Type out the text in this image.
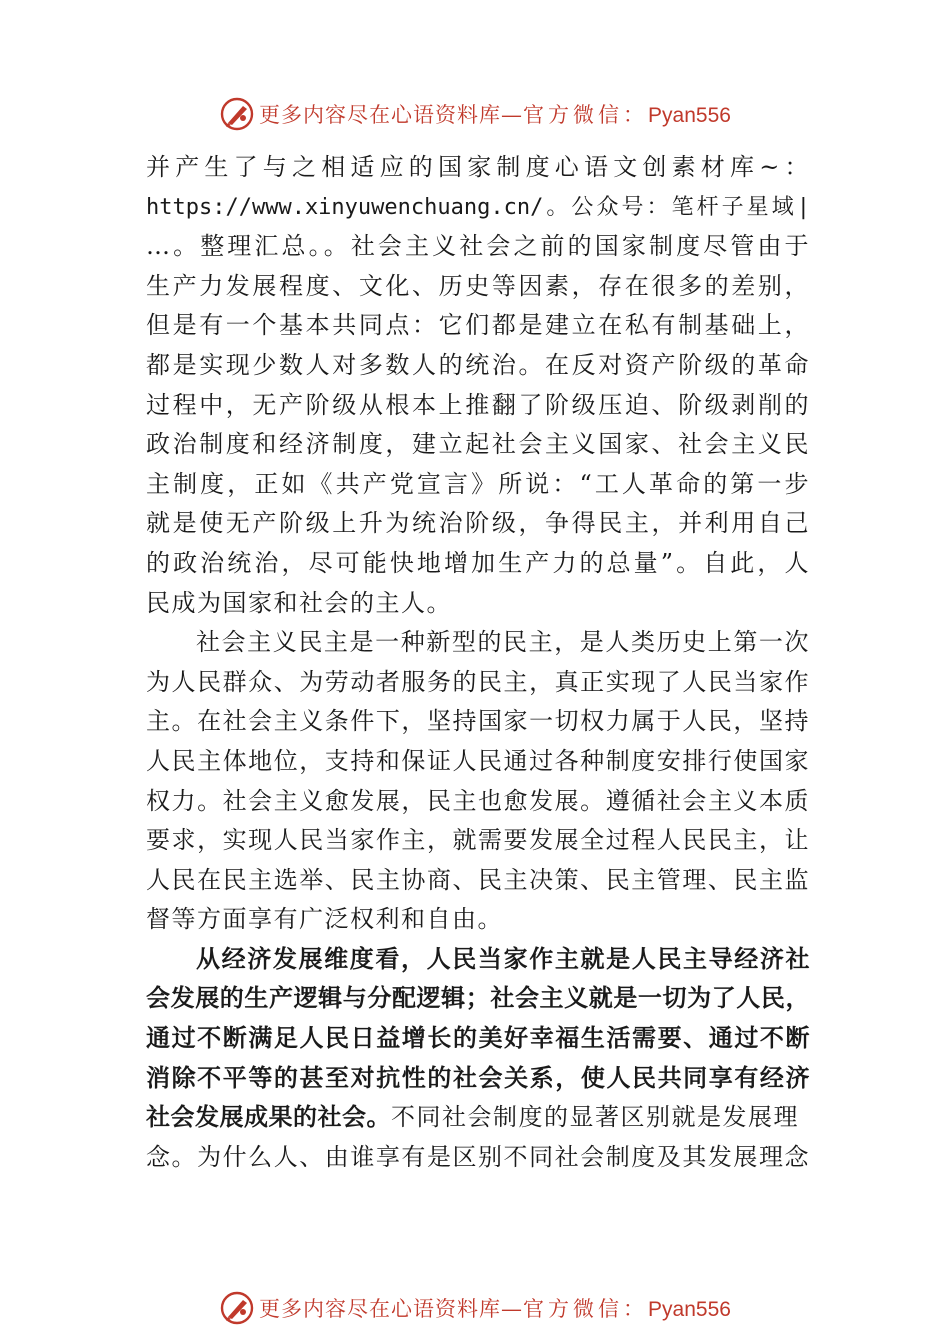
更多内容尽在心语资料库—官方微信：Pyan556
并产生了与之相适应的国家制度心语文创素材库~：
https://www.xinyuwenchuang.cn/。公众号：笔杆子星域|
…。整理汇总。。社会主义社会之前的国家制度尽管由于
生产力发展程度、文化、历史等因素，存在很多的差别，
但是有一个基本共同点：它们都是建立在私有制基础上，
都是实现少数人对多数人的统治。在反对资产阶级的革命
过程中，无产阶级从根本上推翻了阶级压迫、阶级剥削的
政治制度和经济制度，建立起社会主义国家、社会主义民
主制度，正如《共产党宣言》所说：“工人革命的第一步
就是使无产阶级上升为统治阶级，争得民主，并利用自己
的政治统治，尽可能快地增加生产力的总量”。自此，人
民成为国家和社会的主人。
社会主义民主是一种新型的民主，是人类历史上第一次
为人民群众、为劳动者服务的民主，真正实现了人民当家作
主。在社会主义条件下，坚持国家一切权力属于人民，坚持
人民主体地位，支持和保证人民通过各种制度安排行使国家
权力。社会主义愈发展，民主也愈发展。遵循社会主义本质
要求，实现人民当家作主，就需要发展全过程人民民主，让
人民在民主选举、民主协商、民主决策、民主管理、民主监
督等方面享有广泛权利和自由。
从经济发展维度看，人民当家作主就是人民主导经济社
会发展的生产逻辑与分配逻辑；社会主义就是一切为了人民，
通过不断满足人民日益增长的美好幸福生活需要、通过不断
消除不平等的甚至对抗性的社会关系，使人民共同享有经济
社会发展成果的社会。不同社会制度的显著区别就是发展理
念。为什么人、由谁享有是区别不同社会制度及其发展理念
更多内容尽在心语资料库—官方微信：Pyan556
